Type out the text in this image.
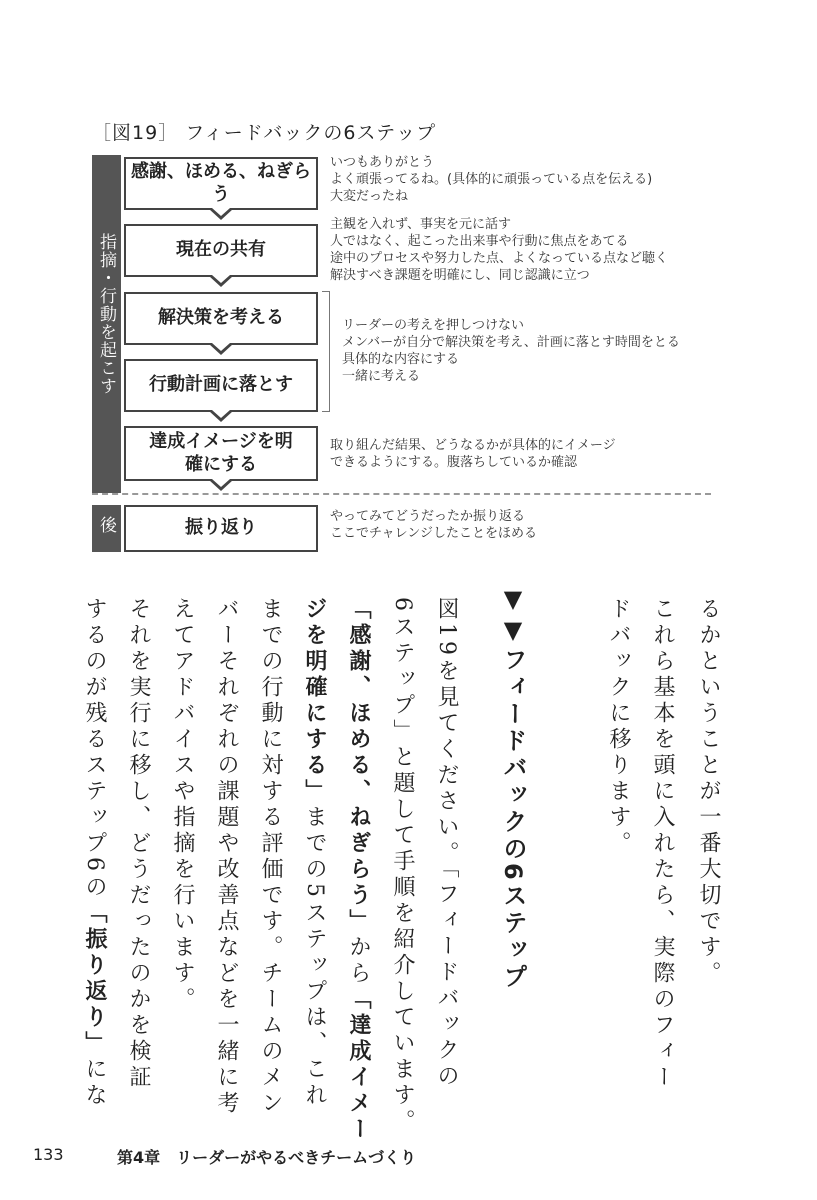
［図19］ フィードバックの6ステップ
指摘・行動を起こす
後
感謝、ほめる、ねぎらう
現在の共有
解決策を考える
行動計画に落とす
達成イメージを明確にする
振り返り
いつもありがとう
よく頑張ってるね。(具体的に頑張っている点を伝える)
大変だったね
主観を入れず、事実を元に話す
人ではなく、起こった出来事や行動に焦点をあてる
途中のプロセスや努力した点、よくなっている点など聴く
解決すべき課題を明確にし、同じ認識に立つ
リーダーの考えを押しつけない
メンバーが自分で解決策を考え、計画に落とす時間をとる
具体的な内容にする
一緒に考える
取り組んだ結果、どうなるかが具体的にイメージ
できるようにする。腹落ちしているか確認
やってみてどうだったか振り返る
ここでチャレンジしたことをほめる
るかということが一番大切です。
これら基本を頭に入れたら、実際のフィー
ドバックに移ります。
▼▼フィードバックの6ステップ
図19を見てください。「フィードバックの
6ステップ」と題して手順を紹介しています。
「感謝、ほめる、ねぎらう」から「達成イメー
ジを明確にする」までの5ステップは、これ
までの行動に対する評価です。チームのメン
バーそれぞれの課題や改善点などを一緒に考
えてアドバイスや指摘を行います。
それを実行に移し、どうだったのかを検証
するのが残るステップ6の「振り返り」にな
133	第4章　リーダーがやるべきチームづくり
